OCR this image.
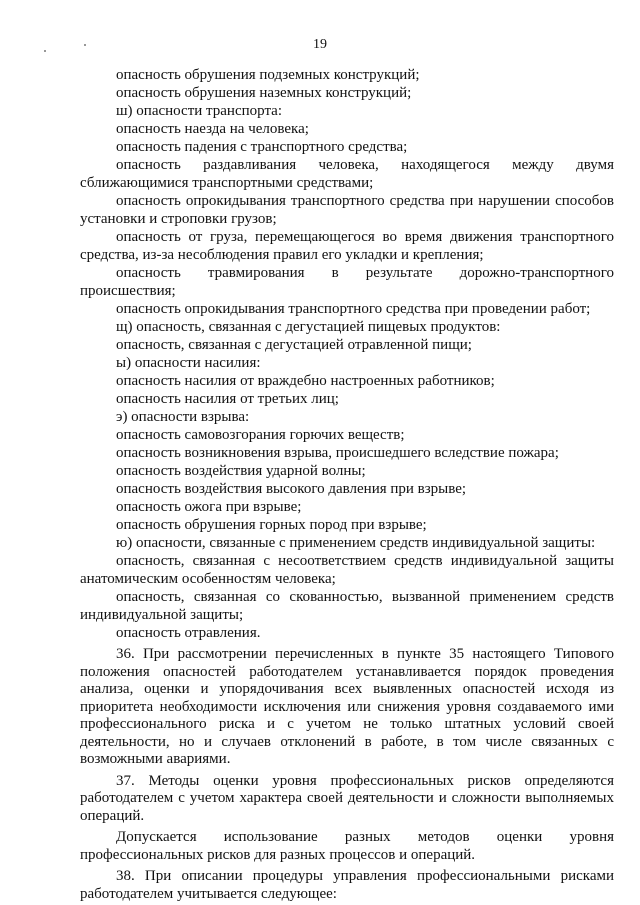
19

опасность обрушения подземных конструкций;

опасность обрушения наземных конструкций;

ш) опасности транспорта:

опасность наезда на человека;

опасность падения с транспортного средства;

опасность раздавливания человека, находящегося между двумя сближающимися транспортными средствами;

опасность опрокидывания транспортного средства при нарушении способов установки и строповки грузов;

опасность от груза, перемещающегося во время движения транспортного средства, из-за несоблюдения правил его укладки и крепления;

опасность травмирования в результате дорожно-транспортного происшествия;

опасность опрокидывания транспортного средства при проведении работ;

щ) опасность, связанная с дегустацией пищевых продуктов:

опасность, связанная с дегустацией отравленной пищи;

ы) опасности насилия:

опасность насилия от враждебно настроенных работников;

опасность насилия от третьих лиц;

э) опасности взрыва:

опасность самовозгорания горючих веществ;

опасность возникновения взрыва, происшедшего вследствие пожара;

опасность воздействия ударной волны;

опасность воздействия высокого давления при взрыве;

опасность ожога при взрыве;

опасность обрушения горных пород при взрыве;

ю) опасности, связанные с применением средств индивидуальной защиты:

опасность, связанная с несоответствием средств индивидуальной защиты анатомическим особенностям человека;

опасность, связанная со скованностью, вызванной применением средств индивидуальной защиты;

опасность отравления.

36. При рассмотрении перечисленных в пункте 35 настоящего Типового положения опасностей работодателем устанавливается порядок проведения анализа, оценки и упорядочивания всех выявленных опасностей исходя из приоритета необходимости исключения или снижения уровня создаваемого ими профессионального риска и с учетом не только штатных условий своей деятельности, но и случаев отклонений в работе, в том числе связанных с возможными авариями.

37. Методы оценки уровня профессиональных рисков определяются работодателем с учетом характера своей деятельности и сложности выполняемых операций.

Допускается использование разных методов оценки уровня профессиональных рисков для разных процессов и операций.

38. При описании процедуры управления профессиональными рисками работодателем учитывается следующее:
